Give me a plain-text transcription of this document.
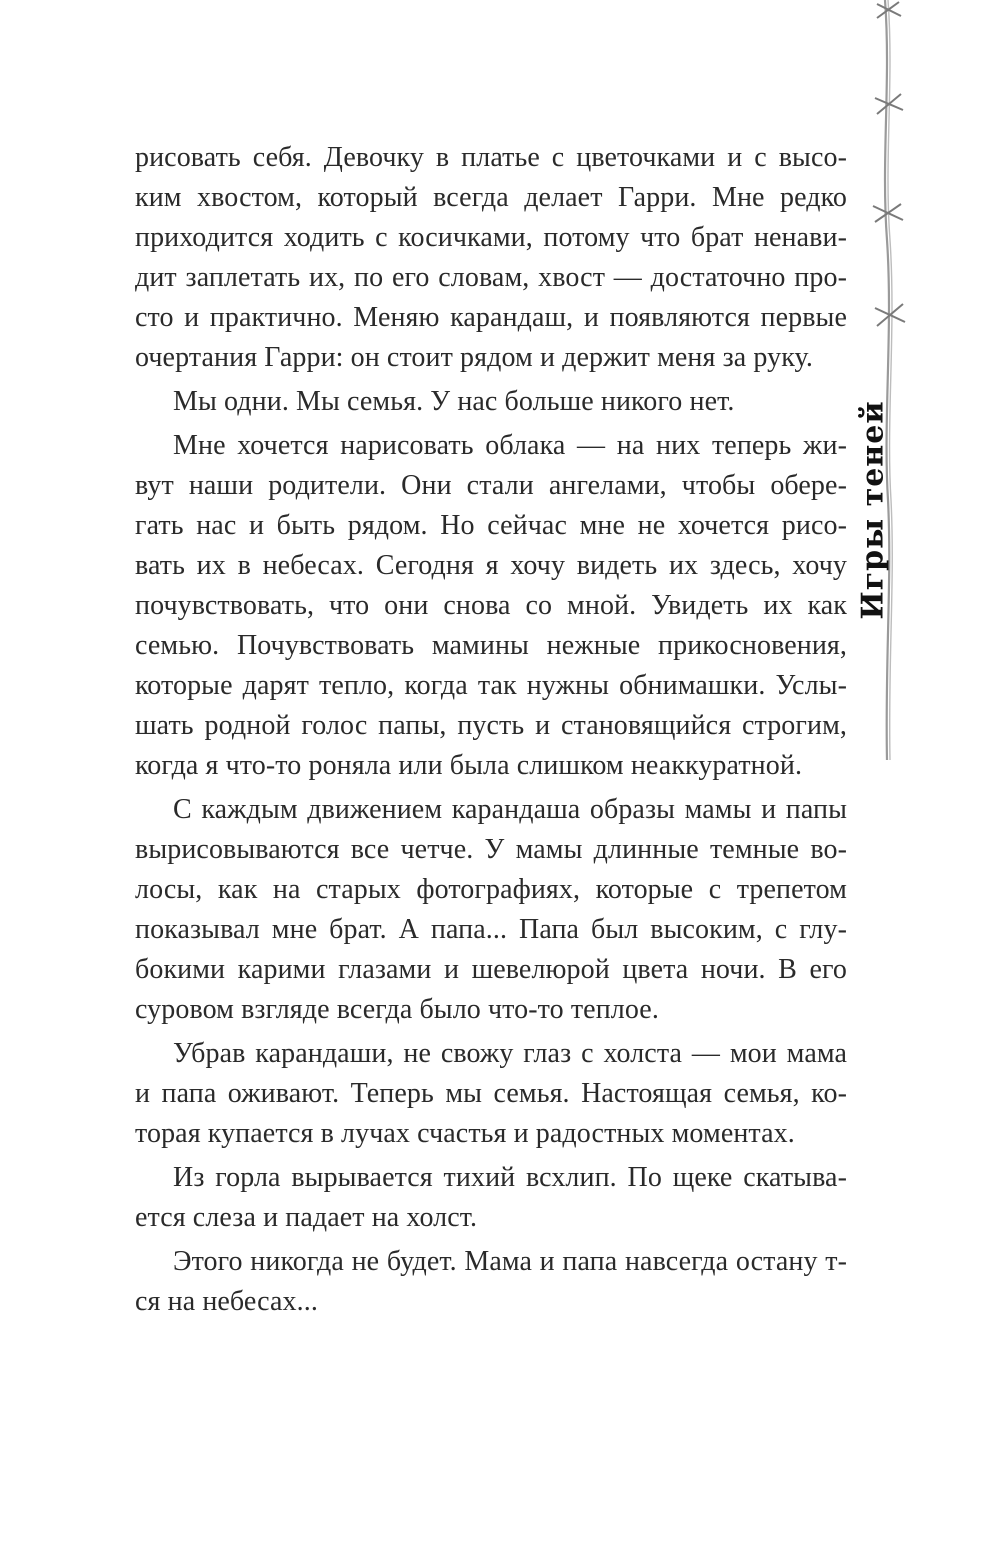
Игры теней
рисовать себя. Девочку в платье с цветочками и с высо-
ким хвостом, который всегда делает Гарри. Мне редко
приходится ходить с косичками, потому что брат ненави-
дит заплетать их, по его словам, хвост — достаточно про-
сто и практично. Меняю карандаш, и появляются первые
очертания Гарри: он стоит рядом и держит меня за руку.
Мы одни. Мы семья. У нас больше никого нет.
Мне хочется нарисовать облака — на них теперь жи-
вут наши родители. Они стали ангелами, чтобы обере-
гать нас и быть рядом. Но сейчас мне не хочется рисо-
вать их в небесах. Сегодня я хочу видеть их здесь, хочу
почувствовать, что они снова со мной. Увидеть их как
семью. Почувствовать мамины нежные прикосновения,
которые дарят тепло, когда так нужны обнимашки. Услы-
шать родной голос папы, пусть и становящийся строгим,
когда я что-то роняла или была слишком неаккуратной.
С каждым движением карандаша образы мамы и папы
вырисовываются все четче. У мамы длинные темные во-
лосы, как на старых фотографиях, которые с трепетом
показывал мне брат. А папа... Папа был высоким, с глу-
бокими карими глазами и шевелюрой цвета ночи. В его
суровом взгляде всегда было что-то теплое.
Убрав карандаши, не свожу глаз с холста — мои мама
и папа оживают. Теперь мы семья. Настоящая семья, ко-
торая купается в лучах счастья и радостных моментах.
Из горла вырывается тихий всхлип. По щеке скатыва-
ется слеза и падает на холст.
Этого никогда не будет. Мама и папа навсегда остану т-
ся на небесах...
